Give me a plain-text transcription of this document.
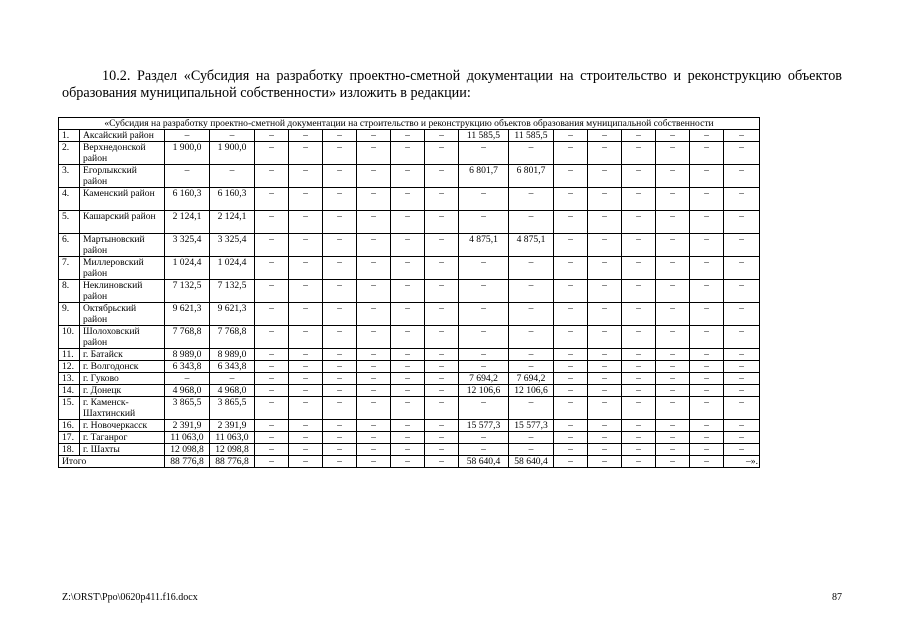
10.2. Раздел «Субсидия на разработку проектно-сметной документации на строительство и реконструкцию объектов образования муниципальной собственности» изложить в редакции:
«Субсидия на разработку проектно-сметной документации на строительство и реконструкцию объектов образования муниципальной собственности																	
1.	Аксайский район	–	–	–	–	–	–	–	–	11 585,5	11 585,5	–	–	–	–	–	–
2.	Верхнедонской район	1 900,0	1 900,0	–	–	–	–	–	–	–	–	–	–	–	–	–	–
3.	Егорлыкский район	–	–	–	–	–	–	–	–	6 801,7	6 801,7	–	–	–	–	–	–
4.	Каменский район	6 160,3	6 160,3	–	–	–	–	–	–	–	–	–	–	–	–	–	–
5.	Кашарский район	2 124,1	2 124,1	–	–	–	–	–	–	–	–	–	–	–	–	–	–
6.	Мартыновский район	3 325,4	3 325,4	–	–	–	–	–	–	4 875,1	4 875,1	–	–	–	–	–	–
7.	Миллеровский район	1 024,4	1 024,4	–	–	–	–	–	–	–	–	–	–	–	–	–	–
8.	Неклиновский район	7 132,5	7 132,5	–	–	–	–	–	–	–	–	–	–	–	–	–	–
9.	Октябрьский район	9 621,3	9 621,3	–	–	–	–	–	–	–	–	–	–	–	–	–	–
10.	Шолоховский район	7 768,8	7 768,8	–	–	–	–	–	–	–	–	–	–	–	–	–	–
11.	г. Батайск	8 989,0	8 989,0	–	–	–	–	–	–	–	–	–	–	–	–	–	–
12.	г. Волгодонск	6 343,8	6 343,8	–	–	–	–	–	–	–	–	–	–	–	–	–	–
13.	г. Гуково	–	–	–	–	–	–	–	–	7 694,2	7 694,2	–	–	–	–	–	–
14.	г. Донецк	4 968,0	4 968,0	–	–	–	–	–	–	12 106,6	12 106,6	–	–	–	–	–	–
15.	г. Каменск-Шахтинский	3 865,5	3 865,5	–	–	–	–	–	–	–	–	–	–	–	–	–	–
16.	г. Новочеркасск	2 391,9	2 391,9	–	–	–	–	–	–	15 577,3	15 577,3	–	–	–	–	–	–
17.	г. Таганрог	11 063,0	11 063,0	–	–	–	–	–	–	–	–	–	–	–	–	–	–
18.	г. Шахты	12 098,8	12 098,8	–	–	–	–	–	–	–	–	–	–	–	–	–	–
Итого		88 776,8	88 776,8	–	–	–	–	–	–	58 640,4	58 640,4	–	–	–	–	–	–».
Z:\ORST\Ppo\0620p411.f16.docx	87
